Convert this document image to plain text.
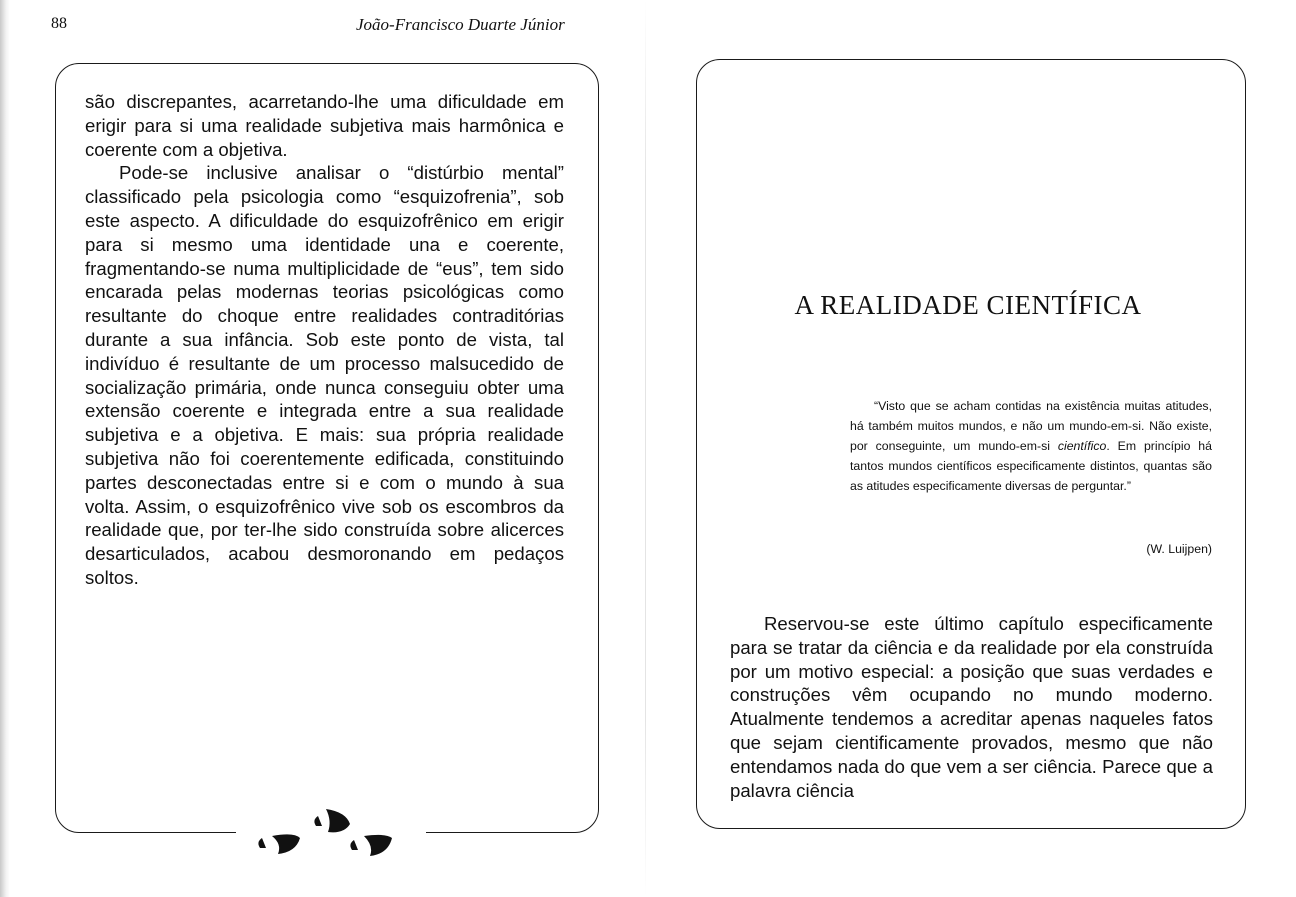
88	João-Francisco Duarte Júnior

são discrepantes, acarretando-lhe uma dificuldade em erigir para si uma realidade subjetiva mais harmônica e coerente com a objetiva.

Pode-se inclusive analisar o “distúrbio mental” classificado pela psicologia como “esquizofrenia”, sob este aspecto. A dificuldade do esquizofrênico em erigir para si mesmo uma identidade una e coerente, fragmentando-se numa multiplicidade de “eus”, tem sido encarada pelas modernas teorias psicológicas como resultante do choque entre realidades contraditórias durante a sua infância. Sob este ponto de vista, tal indivíduo é resultante de um processo malsucedido de socialização primária, onde nunca conseguiu obter uma extensão coerente e integrada entre a sua realidade subjetiva e a objetiva. E mais: sua própria realidade subjetiva não foi coerentemente edificada, constituindo partes desconectadas entre si e com o mundo à sua volta. Assim, o esquizofrênico vive sob os escombros da realidade que, por ter-lhe sido construída sobre alicerces desarticulados, acabou desmoronando em pedaços soltos.

A REALIDADE CIENTÍFICA

“Visto que se acham contidas na existência muitas atitudes, há também muitos mundos, e não um mundo-em-si. Não existe, por conseguinte, um mundo-em-si científico. Em princípio há tantos mundos científicos especificamente distintos, quantas são as atitudes especificamente diversas de perguntar.”

(W. Luijpen)

Reservou-se este último capítulo especificamente para se tratar da ciência e da realidade por ela construída por um motivo especial: a posição que suas verdades e construções vêm ocupando no mundo moderno. Atualmente tendemos a acreditar apenas naqueles fatos que sejam cientificamente provados, mesmo que não entendamos nada do que vem a ser ciência. Parece que a palavra ciência
